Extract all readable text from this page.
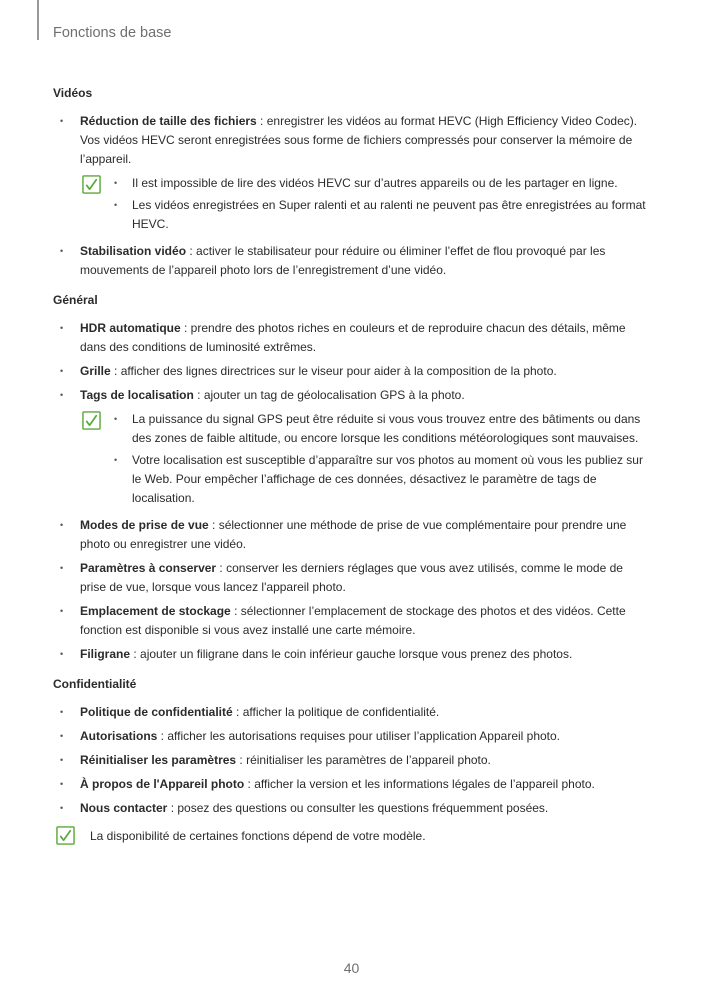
Fonctions de base
Vidéos
• Réduction de taille des fichiers : enregistrer les vidéos au format HEVC (High Efficiency Video Codec). Vos vidéos HEVC seront enregistrées sous forme de fichiers compressés pour conserver la mémoire de l’appareil.
• Il est impossible de lire des vidéos HEVC sur d’autres appareils ou de les partager en ligne.
• Les vidéos enregistrées en Super ralenti et au ralenti ne peuvent pas être enregistrées au format HEVC.
• Stabilisation vidéo : activer le stabilisateur pour réduire ou éliminer l’effet de flou provoqué par les mouvements de l’appareil photo lors de l’enregistrement d’une vidéo.
Général
• HDR automatique : prendre des photos riches en couleurs et de reproduire chacun des détails, même dans des conditions de luminosité extrêmes.
• Grille : afficher des lignes directrices sur le viseur pour aider à la composition de la photo.
• Tags de localisation : ajouter un tag de géolocalisation GPS à la photo.
• La puissance du signal GPS peut être réduite si vous vous trouvez entre des bâtiments ou dans des zones de faible altitude, ou encore lorsque les conditions météorologiques sont mauvaises.
• Votre localisation est susceptible d’apparaître sur vos photos au moment où vous les publiez sur le Web. Pour empêcher l’affichage de ces données, désactivez le paramètre de tags de localisation.
• Modes de prise de vue : sélectionner une méthode de prise de vue complémentaire pour prendre une photo ou enregistrer une vidéo.
• Paramètres à conserver : conserver les derniers réglages que vous avez utilisés, comme le mode de prise de vue, lorsque vous lancez l'appareil photo.
• Emplacement de stockage : sélectionner l’emplacement de stockage des photos et des vidéos. Cette fonction est disponible si vous avez installé une carte mémoire.
• Filigrane : ajouter un filigrane dans le coin inférieur gauche lorsque vous prenez des photos.
Confidentialité
• Politique de confidentialité : afficher la politique de confidentialité.
• Autorisations : afficher les autorisations requises pour utiliser l’application Appareil photo.
• Réinitialiser les paramètres : réinitialiser les paramètres de l’appareil photo.
• À propos de l'Appareil photo : afficher la version et les informations légales de l’appareil photo.
• Nous contacter : posez des questions ou consulter les questions fréquemment posées.
La disponibilité de certaines fonctions dépend de votre modèle.
40
